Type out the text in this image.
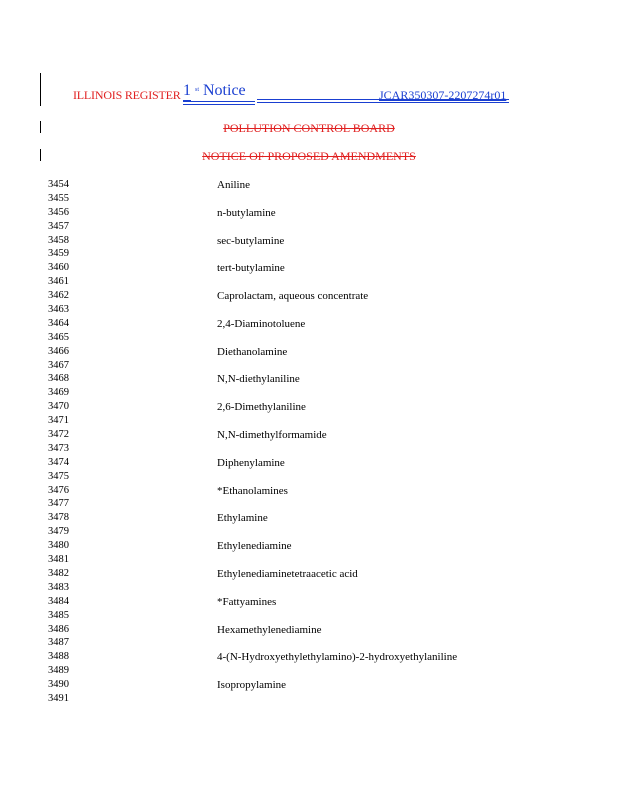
ILLINOIS REGISTER Notice
1 st	JCAR350307-2207274r01
POLLUTION CONTROL BOARD
NOTICE OF PROPOSED AMENDMENTS
3454	Aniline
3455
3456	n-butylamine
3457
3458	sec-butylamine
3459
3460	tert-butylamine
3461
3462	Caprolactam, aqueous concentrate
3463
3464	2,4-Diaminotoluene
3465
3466	Diethanolamine
3467
3468	N,N-diethylaniline
3469
3470	2,6-Dimethylaniline
3471
3472	N,N-dimethylformamide
3473
3474	Diphenylamine
3475
3476	*Ethanolamines
3477
3478	Ethylamine
3479
3480	Ethylenediamine
3481
3482	Ethylenediaminetetraacetic acid
3483
3484	*Fattyamines
3485
3486	Hexamethylenediamine
3487
3488	4-(N-Hydroxyethylethylamino)-2-hydroxyethylaniline
3489
3490	Isopropylamine
3491
